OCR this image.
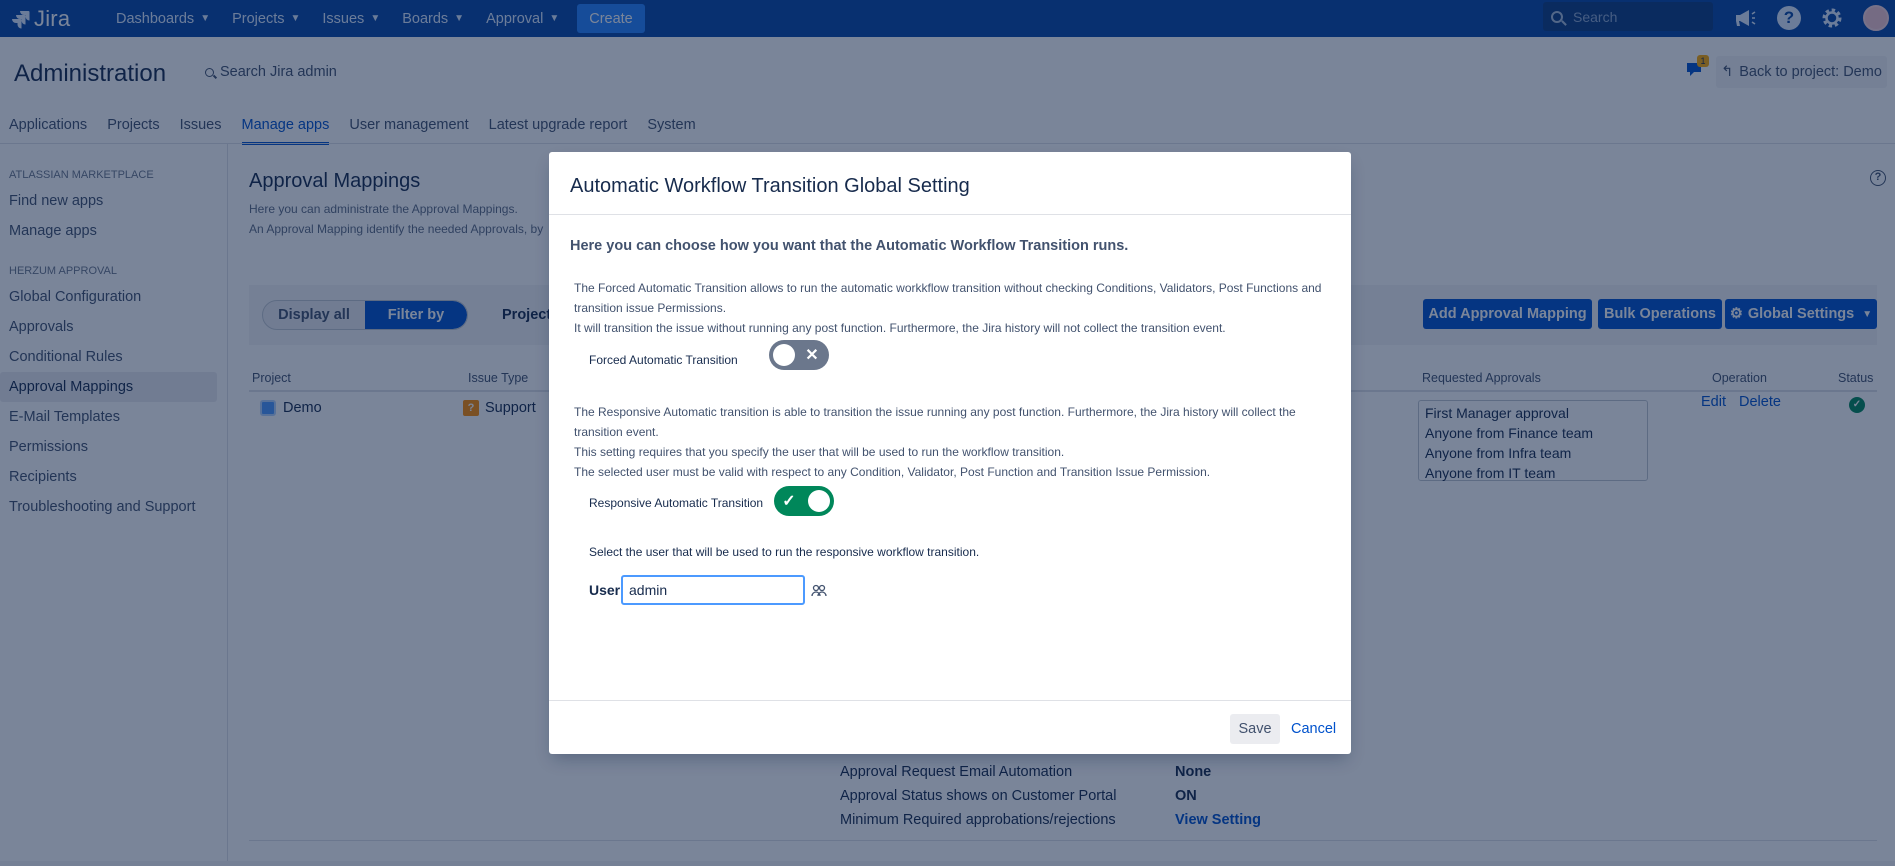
Automatic Workflow Transition Global Setting
Here you can choose how you want that the Automatic Workflow Transition runs.
The Forced Automatic Transition allows to run the automatic workkflow transition without checking Conditions, Validators, Post Functions and
transition issue Permissions.
It will transition the issue without running any post function. Furthermore, the Jira history will not collect the transition event.
Forced Automatic Transition	✕
The Responsive Automatic transition is able to transition the issue running any post function. Furthermore, the Jira history will collect the
transition event.
This setting requires that you specify the user that will be used to run the workflow transition.
The selected user must be valid with respect to any Condition, Validator, Post Function and Transition Issue Permission.
Responsive Automatic Transition ✓
Select the user that will be used to run the responsive workflow transition.
User
admin
Save	Cancel
